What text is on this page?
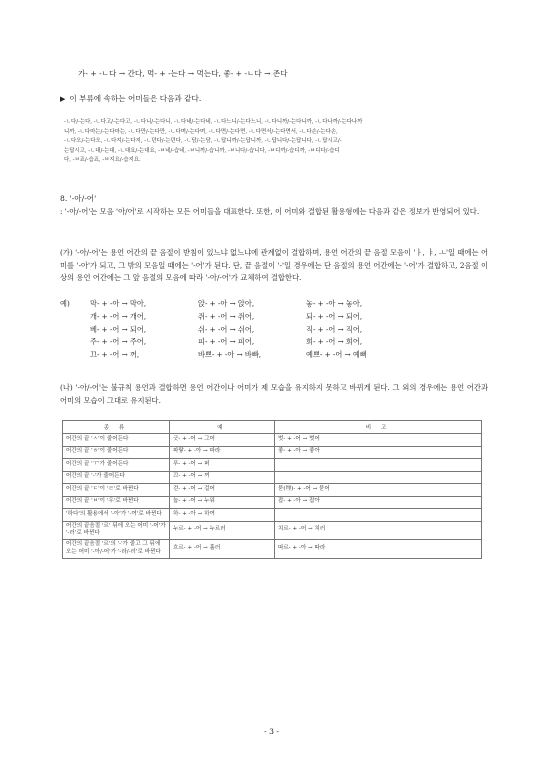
가- + -ㄴ다 → 간다, 먹- + -는다 → 먹는다, 좋- + -ㄴ다 → 존다
▶ 이 부류에 속하는 어미들은 다음과 같다.
-ㄴ다/-는다, -ㄴ다고/-는다고, -ㄴ다니/-는다니, -ㄴ다네/-는다네, -ㄴ다느니/-는다느니, -ㄴ다니까/-는다니까, -ㄴ다나까/-는다나까
니까, -ㄴ다마는/-는다마는, -ㄴ다만/-는다만, -ㄴ다며/-는다며, -ㄴ다면/-는다면, -ㄴ다면서/-는다면서, -ㄴ다손/-는다손,
-ㄴ다오/-는다오, -ㄴ다지/-는다지, -ㄴ뎐다/-는뎐다, -ㄴ담/-는담, -ㄴ답니까/-는답니까, -ㄴ답니다/-는답니다, -ㄴ답시고/-
는답시고, -ㄴ대/-는대, -ㄴ대요/-는대요, -ㅂ네/-습네, -ㅂ니까/-습니까, -ㅂ니다/-습니다, -ㅂ디까/-습디까, -ㅂ디다/-습디
다, -ㅂ죠/-습죠, -ㅂ지요/-습지요.
8. '-아/-어'
: '-아/-어'는 모음 '아/어'로 시작하는 모든 어미들을 대표한다. 또한, 이 어미와 결합된 활용형에는 다음과 같은 정보가 반영되어 있다.
(가) '-아/-어'는 용언 어간의 끝 음절이 받침이 있느냐 없느냐에 관계없이 결합하며, 용언 어간의 끝 음절 모음이 'ㅏ, ㅑ, ㅗ'일 때에는 어미를 '-아'가 되고, 그 밖의 모음일 때에는 '-어'가 된다. 단, 끝 음절이 '-'일 경우에는 단 음절의 용언 어간에는 '-어'가 결합하고, 2음절 이상의 용언 어간에는 그 앞 음절의 모음에 따라 '-아/-어'가 교체하여 결합한다.
예)	막- + -아 → 막아,	앉- + -아 → 앉아,	놓- + -아 → 놓아,
개- + -어 → 개어,	쥐- + -어 → 쥐어,	되- + -어 → 되어,
베- + -어 → 되어,	쉬- + -어 → 쉬어,	직- + -어 → 직어,
주- + -어 → 주어,	피- + -어 → 피어,	희- + -어 → 희어,
끄- + -어 → 꺼,	바쁘- + -아 → 바빠,	예쁘- + -어 → 예뻐
(나) '-아/-어'는 불규칙 용언과 결합하면 용언 어간이나 어미가 제 모습을 유지하지 못하고 바뀌게 된다. 그 외의 경우에는 용언 어간과 어미의 모습이 그대로 유지된다.
종 류	예	비 고
어간의 끝 'ㅅ'이 줄어든다	긋- + -어 → 그어	벗- + -어 → 벗어
어간의 끝 'ㅎ'이 줄어든다	파랗- + -아 → 파라	좋- + -아 → 좋아
어간의 끝 'ㅜ'가 줄어든다	푸- + -어 → 퍼	
어간의 끝 '-'가 줄어든다	끄- + -어 → 꺼	
어간의 끝 'ㄷ'이 'ㄹ'로 바뀐다	걷- + -어 → 걸어	묻(埋)- + -어 → 묻어
어간의 끝 'ㅂ'이 '우'로 바뀐다	눕- + -어 → 누워	잡- + -아 → 잡아
'하다'의 활용에서 '-아'가 '-여'로 바뀐다	하- + -아 → 하여	
어간의 끝음절 '르' 뒤에 오는 어미 '-어'가 '-러'로 바뀐다	누르- + -어 → 누르러	치르- + -어 → 치러
어간의 끝음절 '르'의 '-'가 줄고 그 뒤에 오는 어미 '-아/-어'가 '-라/-러'로 바뀐다	흐르- + -어 → 흘러	따르- + -아 → 따라
- 3 -
